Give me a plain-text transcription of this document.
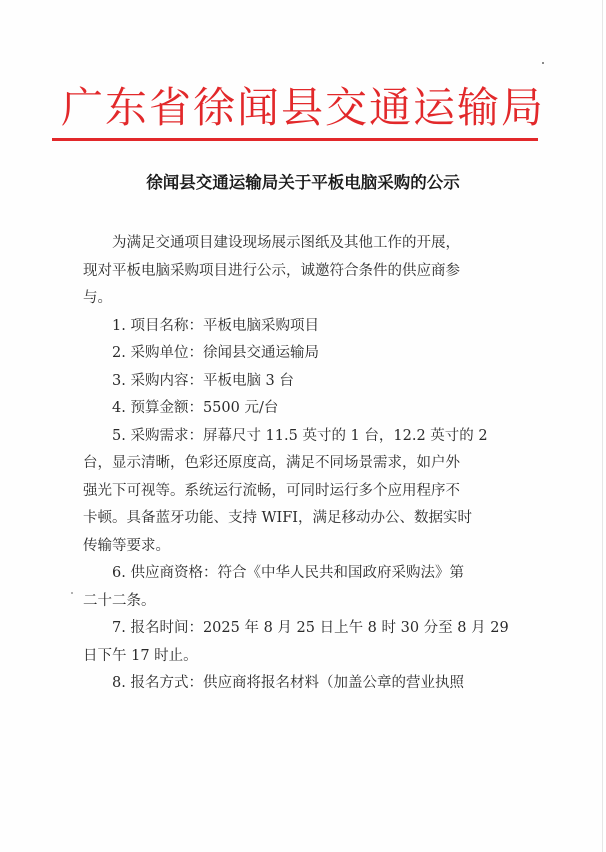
广东省徐闻县交通运输局
徐闻县交通运输局关于平板电脑采购的公示
为满足交通项目建设现场展示图纸及其他工作的开展，
现对平板电脑采购项目进行公示，诚邀符合条件的供应商参
与。
1. 项目名称：平板电脑采购项目
2. 采购单位：徐闻县交通运输局
3. 采购内容：平板电脑 3 台
4. 预算金额：5500 元/台
5. 采购需求：屏幕尺寸 11.5 英寸的 1 台，12.2 英寸的 2
台，显示清晰，色彩还原度高，满足不同场景需求，如户外
强光下可视等。系统运行流畅，可同时运行多个应用程序不
卡顿。具备蓝牙功能、支持 WIFI，满足移动办公、数据实时
传输等要求。
6. 供应商资格：符合《中华人民共和国政府采购法》第
二十二条。
7. 报名时间：2025 年 8 月 25 日上午 8 时 30 分至 8 月 29
日下午 17 时止。
8. 报名方式：供应商将报名材料（加盖公章的营业执照
